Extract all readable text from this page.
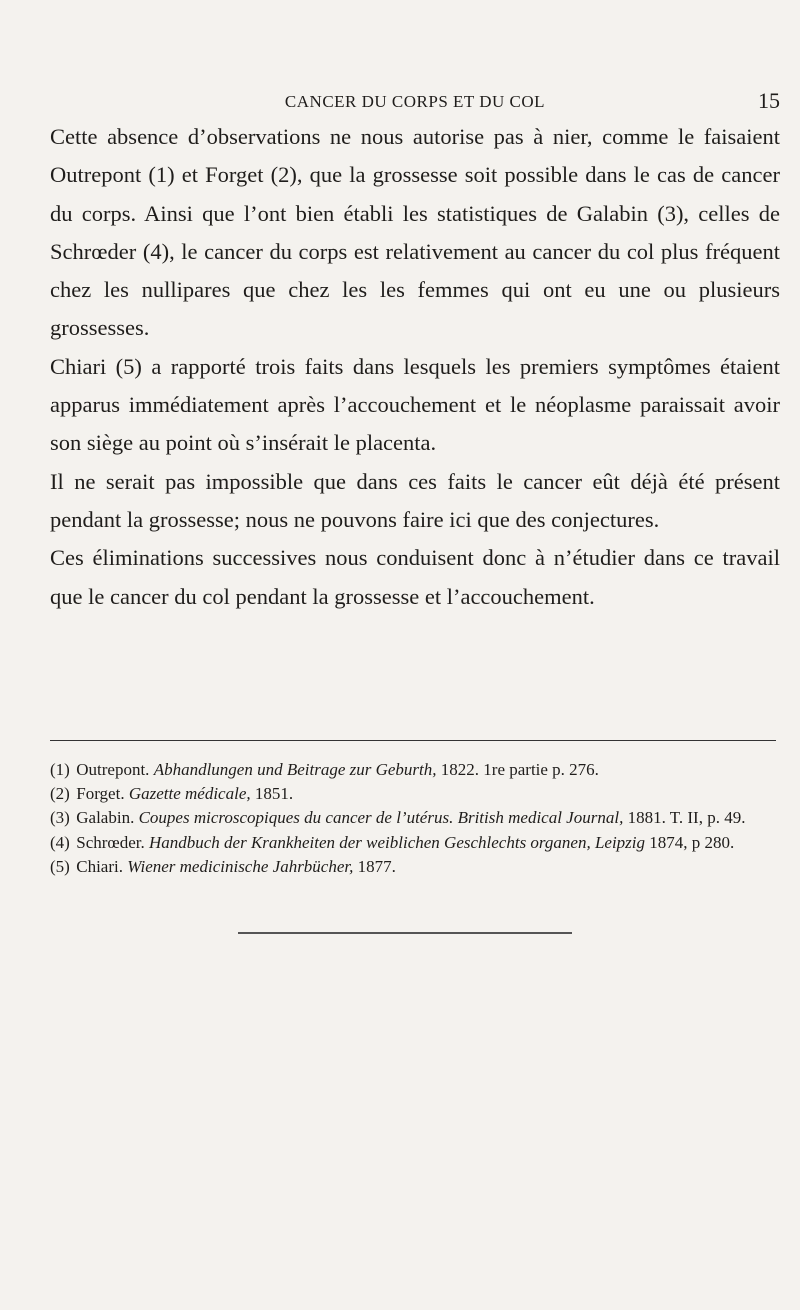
CANCER DU CORPS ET DU COL	15

Cette absence d’observations ne nous autorise pas à nier, comme le faisaient Outrepont (1) et Forget (2), que la grossesse soit possible dans le cas de cancer du corps. Ainsi que l’ont bien établi les statistiques de Galabin (3), celles de Schrœder (4), le cancer du corps est relativement au cancer du col plus fréquent chez les nullipares que chez les les femmes qui ont eu une ou plusieurs grossesses.

Chiari (5) a rapporté trois faits dans lesquels les premiers symptômes étaient apparus immédiatement après l’accouchement et le néoplasme paraissait avoir son siège au point où s’insérait le placenta.

Il ne serait pas impossible que dans ces faits le cancer eût déjà été présent pendant la grossesse; nous ne pouvons faire ici que des conjectures.

Ces éliminations successives nous conduisent donc à n’étudier dans ce travail que le cancer du col pendant la grossesse et l’accouchement.

(1) Outrepont. Abhandlungen und Beitrage zur Geburth, 1822. 1re partie p. 276.

(2) Forget. Gazette médicale, 1851.

(3) Galabin. Coupes microscopiques du cancer de l’utérus. British medical Journal, 1881. T. II, p. 49.

(4) Schrœder. Handbuch der Krankheiten der weiblichen Geschlechts organen, Leipzig 1874, p 280.

(5) Chiari. Wiener medicinische Jahrbücher, 1877.
